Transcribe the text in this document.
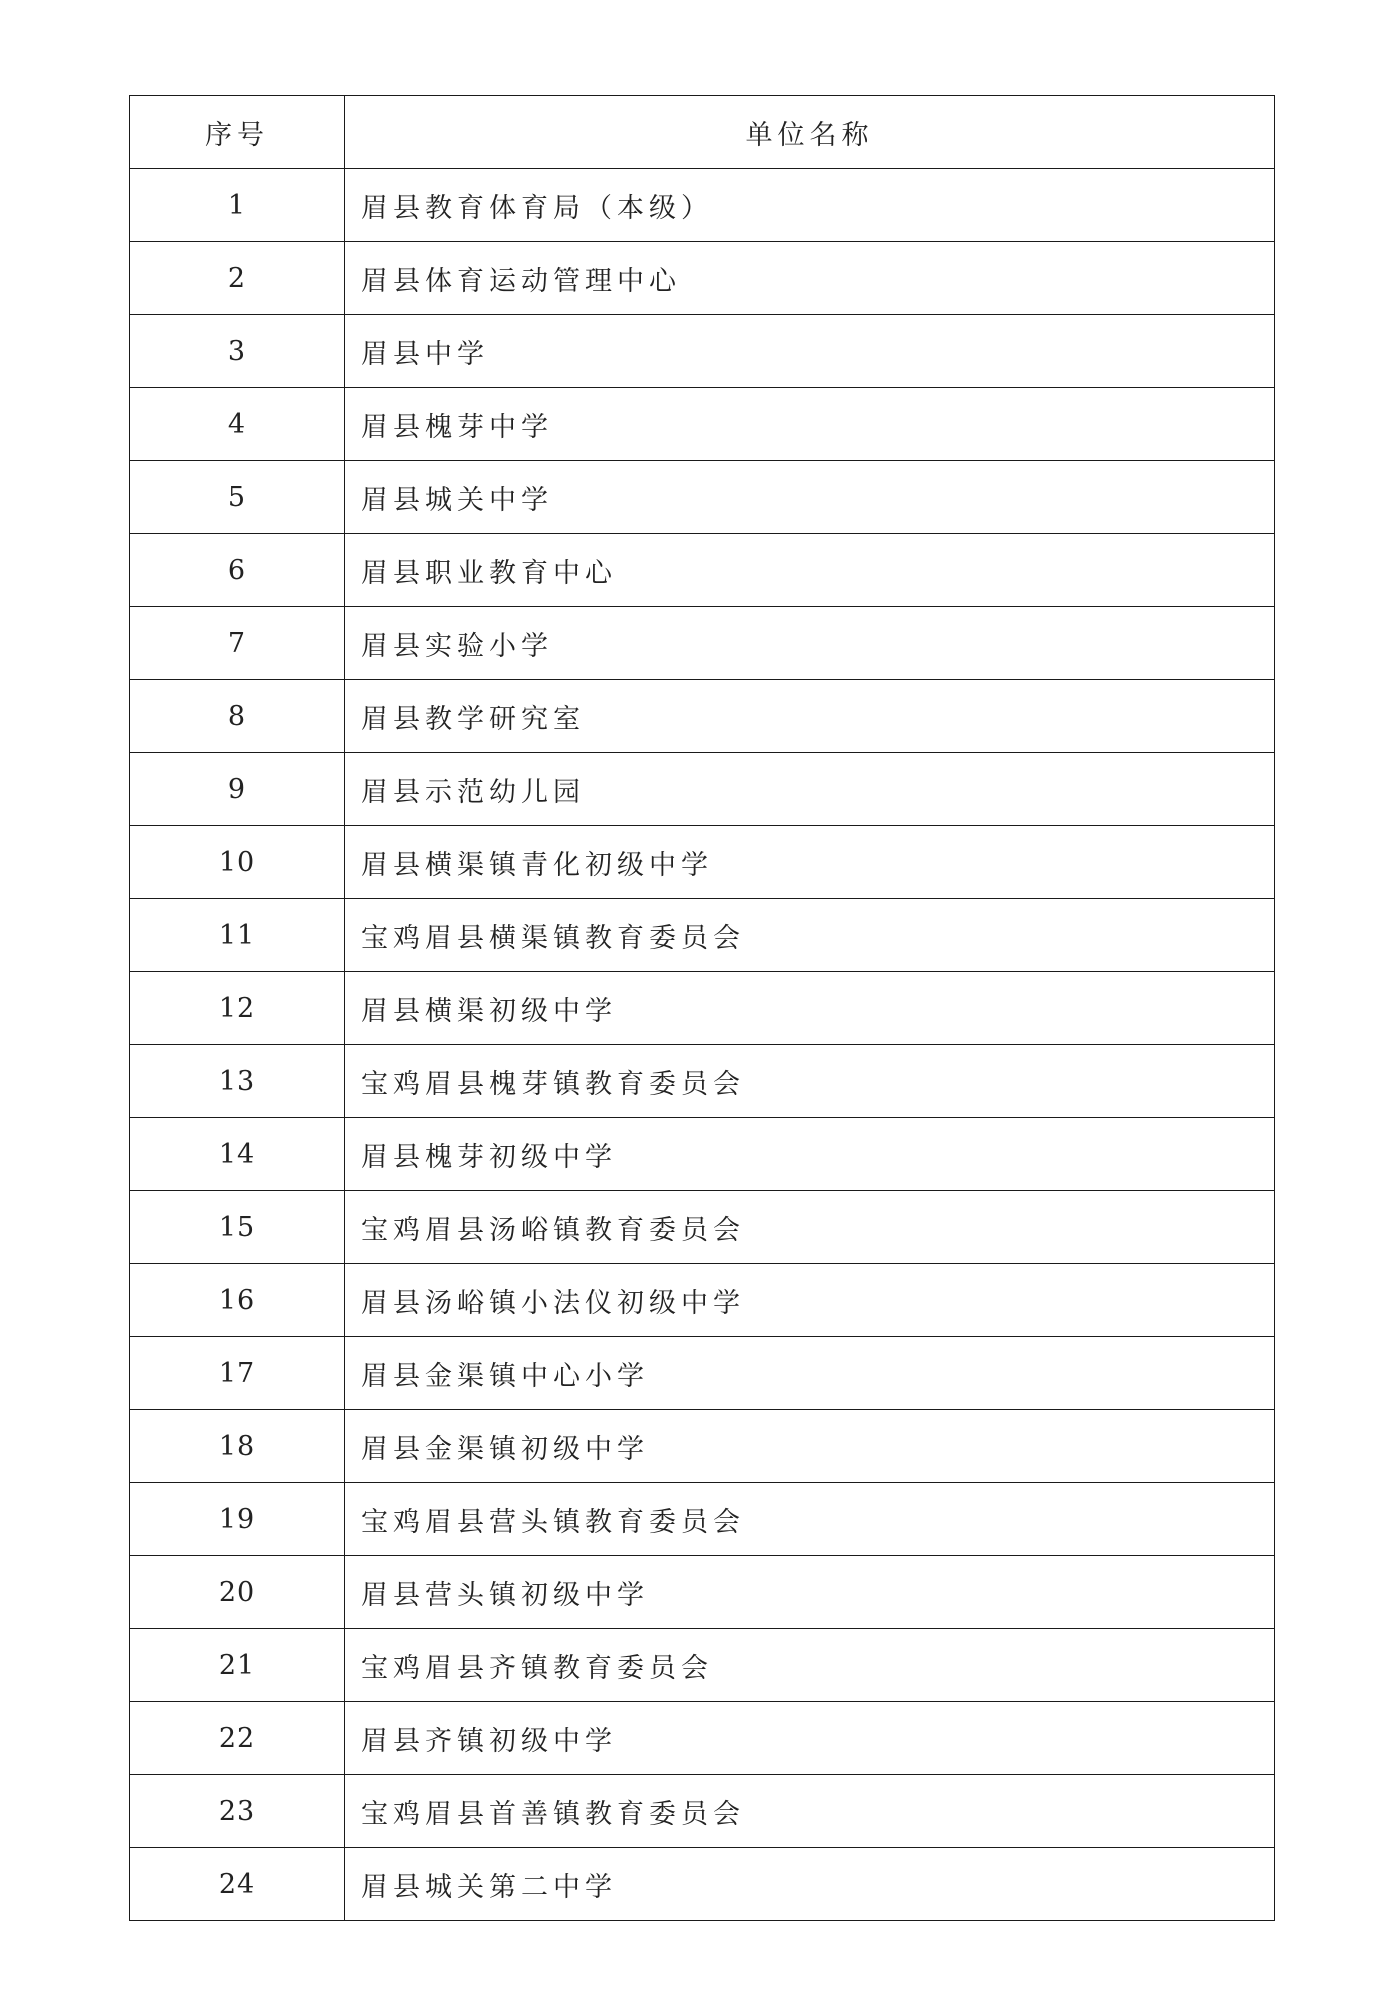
序号	单位名称
1	眉县教育体育局（本级）
2	眉县体育运动管理中心
3	眉县中学
4	眉县槐芽中学
5	眉县城关中学
6	眉县职业教育中心
7	眉县实验小学
8	眉县教学研究室
9	眉县示范幼儿园
10	眉县横渠镇青化初级中学
11	宝鸡眉县横渠镇教育委员会
12	眉县横渠初级中学
13	宝鸡眉县槐芽镇教育委员会
14	眉县槐芽初级中学
15	宝鸡眉县汤峪镇教育委员会
16	眉县汤峪镇小法仪初级中学
17	眉县金渠镇中心小学
18	眉县金渠镇初级中学
19	宝鸡眉县营头镇教育委员会
20	眉县营头镇初级中学
21	宝鸡眉县齐镇教育委员会
22	眉县齐镇初级中学
23	宝鸡眉县首善镇教育委员会
24	眉县城关第二中学
